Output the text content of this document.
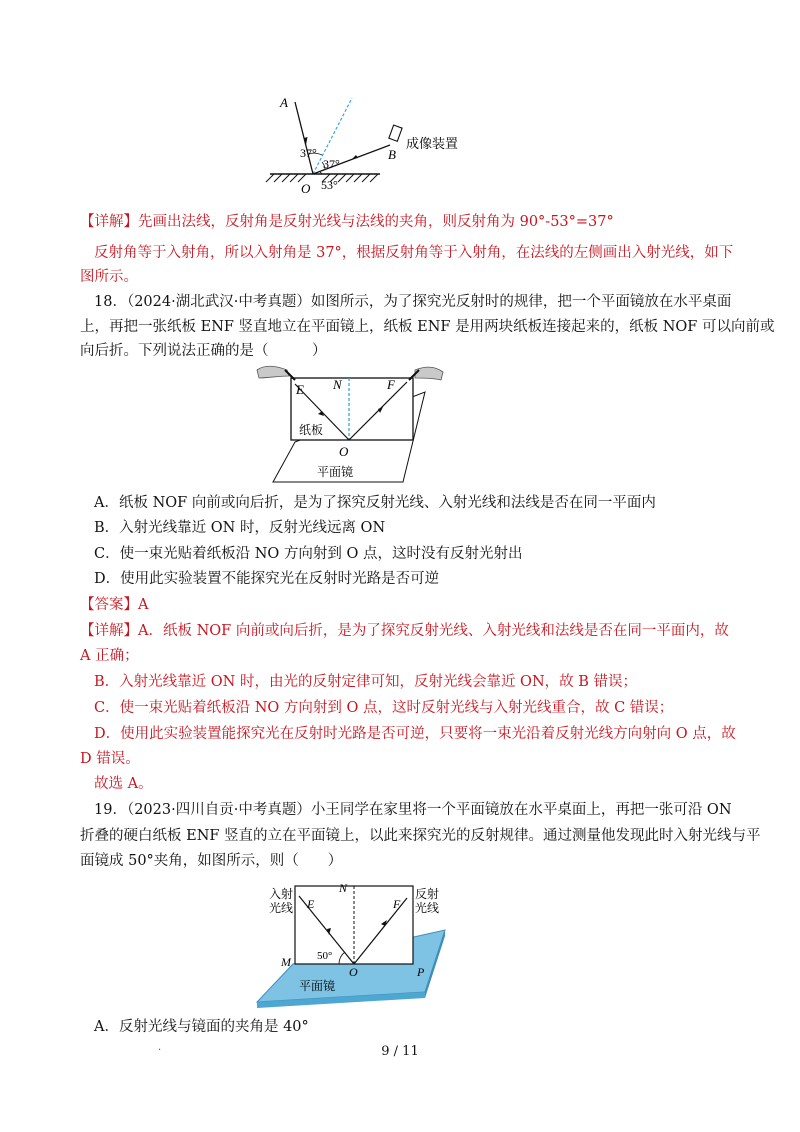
A
B
O
37°
37°
53°
成像装置
【详解】先画出法线，反射角是反射光线与法线的夹角，则反射角为 90°-53°=37°
反射角等于入射角，所以入射角是 37°，根据反射角等于入射角，在法线的左侧画出入射光线，如下
图所示。
18．（2024·湖北武汉·中考真题）如图所示，为了探究光反射时的规律，把一个平面镜放在水平桌面
上，再把一张纸板 ENF 竖直地立在平面镜上，纸板 ENF 是用两块纸板连接起来的，纸板 NOF 可以向前或
向后折。下列说法正确的是（　　　）
E N	F
O
纸板
平面镜
A．纸板 NOF 向前或向后折，是为了探究反射光线、入射光线和法线是否在同一平面内
B．入射光线靠近 ON 时，反射光线远离 ON
C．使一束光贴着纸板沿 NO 方向射到 O 点，这时没有反射光射出
D．使用此实验装置不能探究光在反射时光路是否可逆
【答案】A
【详解】A．纸板 NOF 向前或向后折，是为了探究反射光线、入射光线和法线是否在同一平面内，故
A 正确；
B．入射光线靠近 ON 时，由光的反射定律可知，反射光线会靠近 ON，故 B 错误；
C．使一束光贴着纸板沿 NO 方向射到 O 点，这时反射光线与入射光线重合，故 C 错误；
D．使用此实验装置能探究光在反射时光路是否可逆，只要将一束光沿着反射光线方向射向 O 点，故
D 错误。
故选 A。
19．（2023·四川自贡·中考真题）小王同学在家里将一个平面镜放在水平桌面上，再把一张可沿 ON
折叠的硬白纸板 ENF 竖直的立在平面镜上，以此来探究光的反射规律。通过测量他发现此时入射光线与平
面镜成 50°夹角，如图所示，则（　　）
入射光线
反射光线
E
N
F
O
M
P
50°
平面镜
A．反射光线与镜面的夹角是 40°
.	9 / 11
